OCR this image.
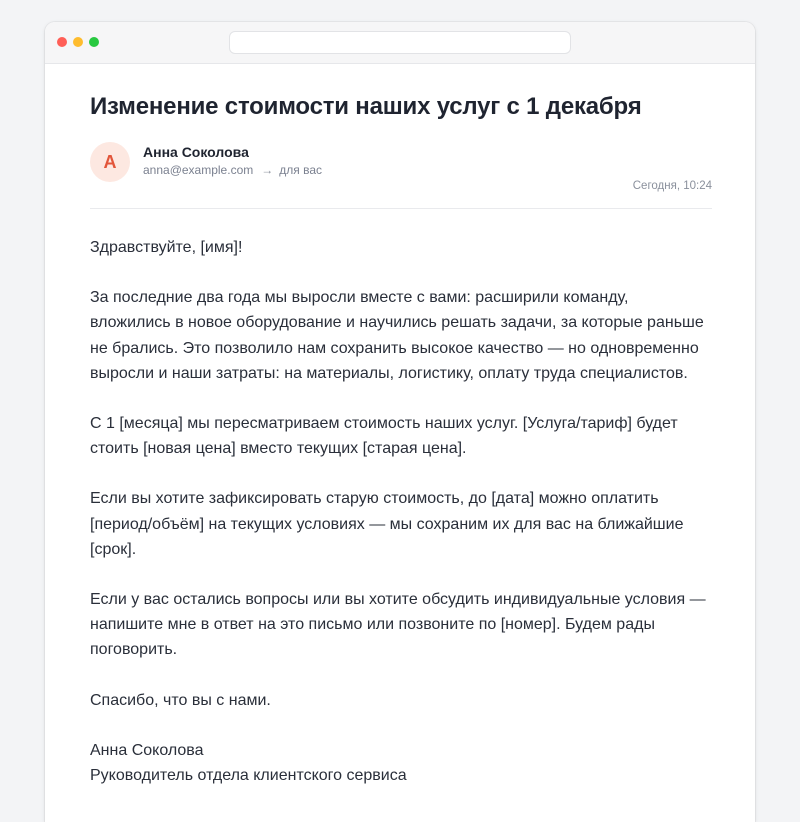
Изменение стоимости наших услуг с 1 декабря
А	Анна Соколова
anna@example.com → для вас
Сегодня, 10:24

Здравствуйте, [имя]!

За последние два года мы выросли вместе с вами: расширили команду, вложились в новое оборудование и научились решать задачи, за которые раньше не брались. Это позволило нам сохранить высокое качество — но одновременно выросли и наши затраты: на материалы, логистику, оплату труда специалистов.

С 1 [месяца] мы пересматриваем стоимость наших услуг. [Услуга/тариф] будет стоить [новая цена] вместо текущих [старая цена].

Если вы хотите зафиксировать старую стоимость, до [дата] можно оплатить [период/объём] на текущих условиях — мы сохраним их для вас на ближайшие [срок].

Если у вас остались вопросы или вы хотите обсудить индивидуальные условия — напишите мне в ответ на это письмо или позвоните по [номер]. Будем рады поговорить.

Спасибо, что вы с нами.

Анна Соколова

Руководитель отдела клиентского сервиса
